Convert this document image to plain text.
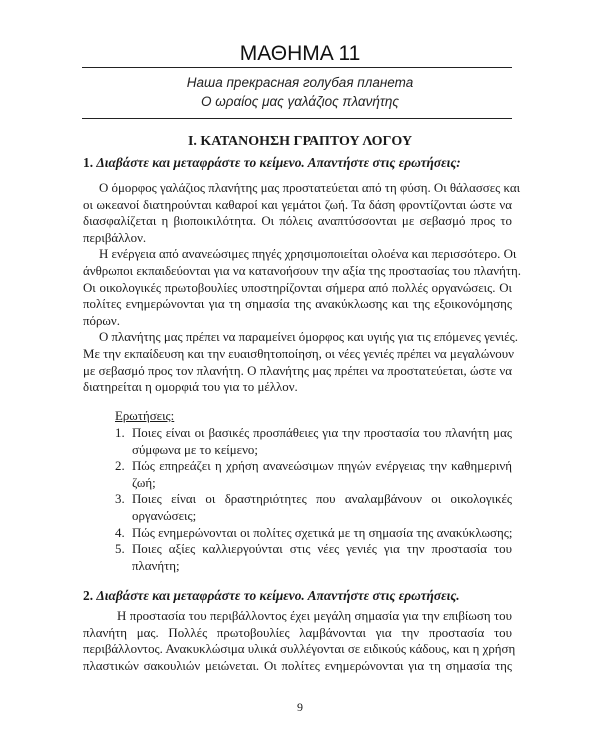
ΜΑΘΗΜΑ 11
Наша прекрасная голубая планета
Ο ωραίος μας γαλάζιος πλανήτης
I. ΚΑΤΑΝΟΗΣΗ ΓΡΑΠΤΟΥ ΛΟΓΟΥ
1. Διαβάστε και μεταφράστε το κείμενο. Απαντήστε στις ερωτήσεις:
Ο όμορφος γαλάζιος πλανήτης μας προστατεύεται από τη φύση. Οι θάλασσες και
οι ωκεανοί διατηρούνται καθαροί και γεμάτοι ζωή. Τα δάση φροντίζονται ώστε να
διασφαλίζεται η βιοποικιλότητα. Οι πόλεις αναπτύσσονται με σεβασμό προς το
περιβάλλον.
Η ενέργεια από ανανεώσιμες πηγές χρησιμοποιείται ολοένα και περισσότερο. Οι
άνθρωποι εκπαιδεύονται για να κατανοήσουν την αξία της προστασίας του πλανήτη.
Οι οικολογικές πρωτοβουλίες υποστηρίζονται σήμερα από πολλές οργανώσεις. Οι
πολίτες ενημερώνονται για τη σημασία της ανακύκλωσης και της εξοικονόμησης
πόρων.
Ο πλανήτης μας πρέπει να παραμείνει όμορφος και υγιής για τις επόμενες γενιές.
Με την εκπαίδευση και την ευαισθητοποίηση, οι νέες γενιές πρέπει να μεγαλώνουν
με σεβασμό προς τον πλανήτη. Ο πλανήτης μας πρέπει να προστατεύεται, ώστε να
διατηρείται η ομορφιά του για το μέλλον.
Ερωτήσεις:
1. Ποιες είναι οι βασικές προσπάθειες για την προστασία του πλανήτη μας
σύμφωνα με το κείμενο;
2. Πώς επηρεάζει η χρήση ανανεώσιμων πηγών ενέργειας την καθημερινή
ζωή;
3. Ποιες είναι οι δραστηριότητες που αναλαμβάνουν οι οικολογικές
οργανώσεις;
4. Πώς ενημερώνονται οι πολίτες σχετικά με τη σημασία της ανακύκλωσης;
5. Ποιες αξίες καλλιεργούνται στις νέες γενιές για την προστασία του
πλανήτη;
2. Διαβάστε και μεταφράστε το κείμενο. Απαντήστε στις ερωτήσεις.
Η προστασία του περιβάλλοντος έχει μεγάλη σημασία για την επιβίωση του
πλανήτη μας. Πολλές πρωτοβουλίες λαμβάνονται για την προστασία του
περιβάλλοντος. Ανακυκλώσιμα υλικά συλλέγονται σε ειδικούς κάδους, και η χρήση
πλαστικών σακουλιών μειώνεται. Οι πολίτες ενημερώνονται για τη σημασία της
9
